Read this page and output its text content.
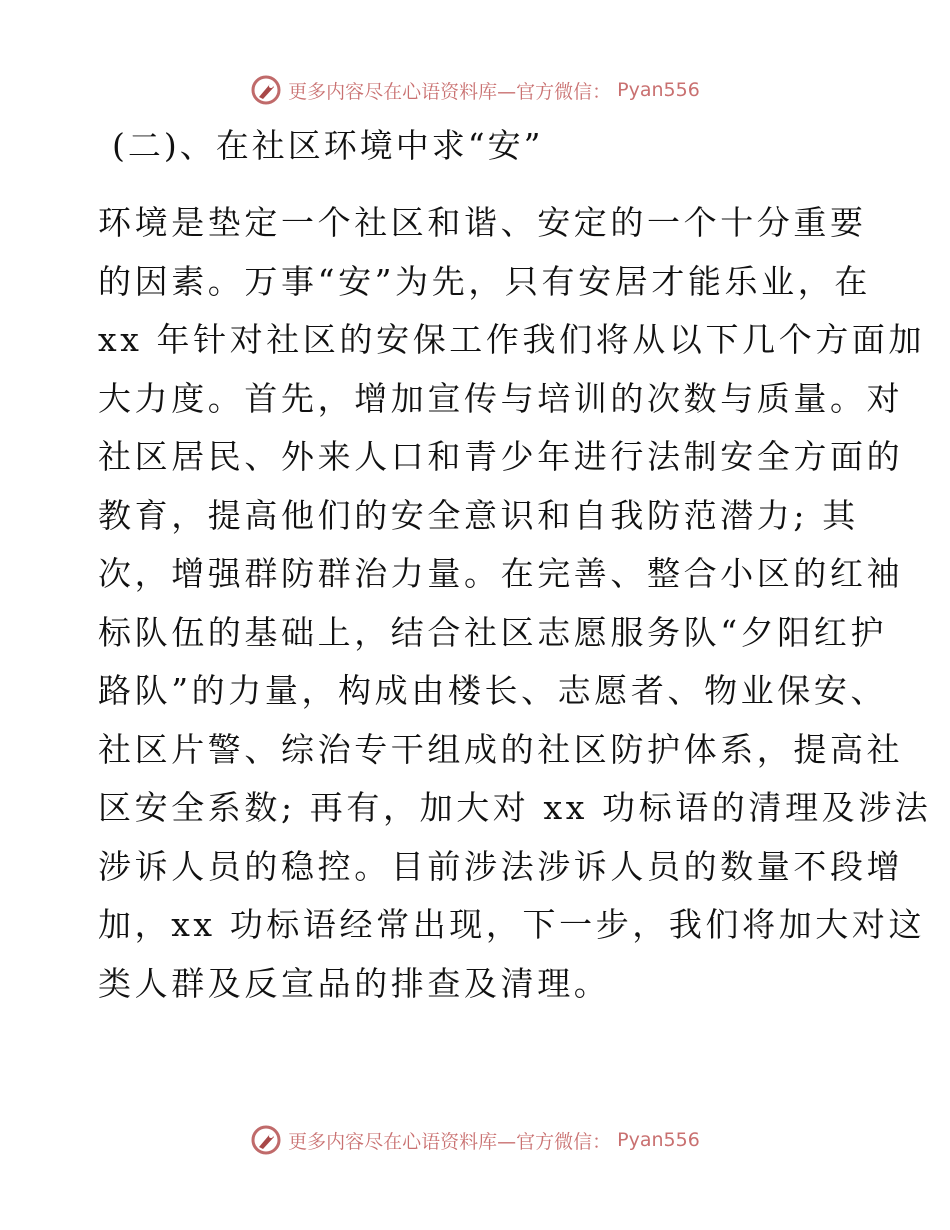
更多内容尽在心语资料库—官方微信： Pyan556
(二)、在社区环境中求“安”
环境是垫定一个社区和谐、安定的一个十分重要
的因素。万事“安”为先，只有安居才能乐业，在
xx 年针对社区的安保工作我们将从以下几个方面加
大力度。首先，增加宣传与培训的次数与质量。对
社区居民、外来人口和青少年进行法制安全方面的
教育，提高他们的安全意识和自我防范潜力; 其
次，增强群防群治力量。在完善、整合小区的红袖
标队伍的基础上，结合社区志愿服务队“夕阳红护
路队”的力量，构成由楼长、志愿者、物业保安、
社区片警、综治专干组成的社区防护体系，提高社
区安全系数; 再有，加大对 xx 功标语的清理及涉法
涉诉人员的稳控。目前涉法涉诉人员的数量不段增
加，xx 功标语经常出现，下一步，我们将加大对这
类人群及反宣品的排查及清理。
更多内容尽在心语资料库—官方微信： Pyan556
